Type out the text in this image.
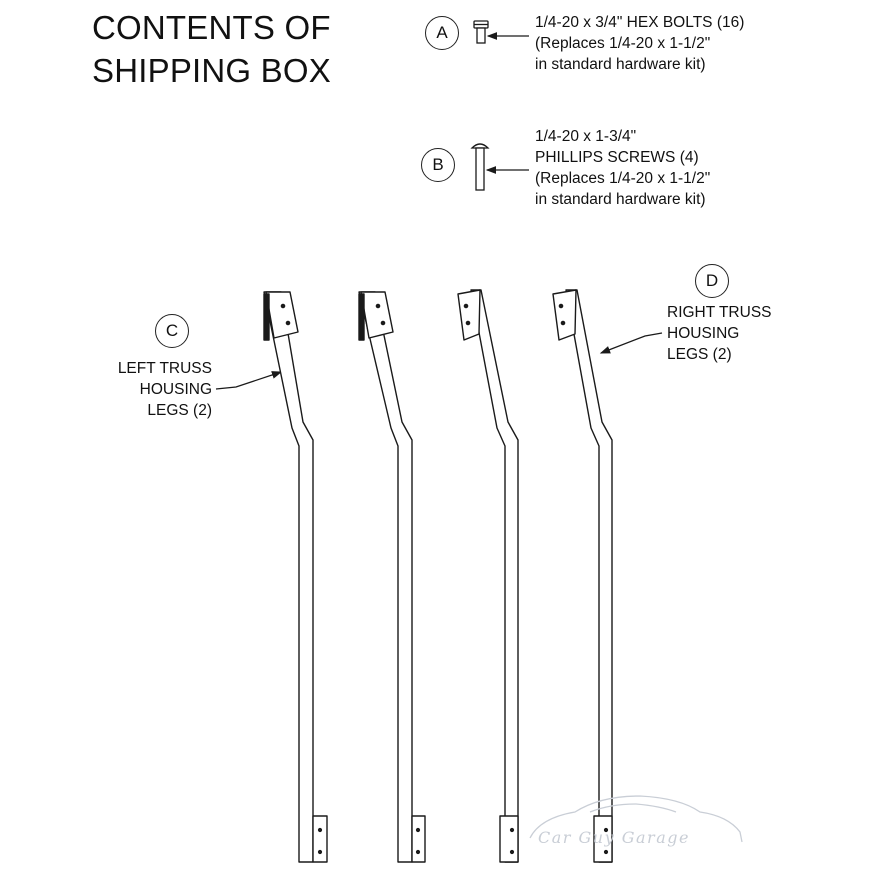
CONTENTS OF
SHIPPING BOX
A
1/4-20 x 3/4" HEX BOLTS (16)
(Replaces 1/4-20 x 1-1/2"
in standard hardware kit)
B
1/4-20 x 1-3/4"
PHILLIPS SCREWS (4)
(Replaces 1/4-20 x 1-1/2"
in standard hardware kit)
C
LEFT TRUSS
HOUSING
LEGS (2)
D
RIGHT TRUSS
HOUSING
LEGS (2)
Car Guy Garage
